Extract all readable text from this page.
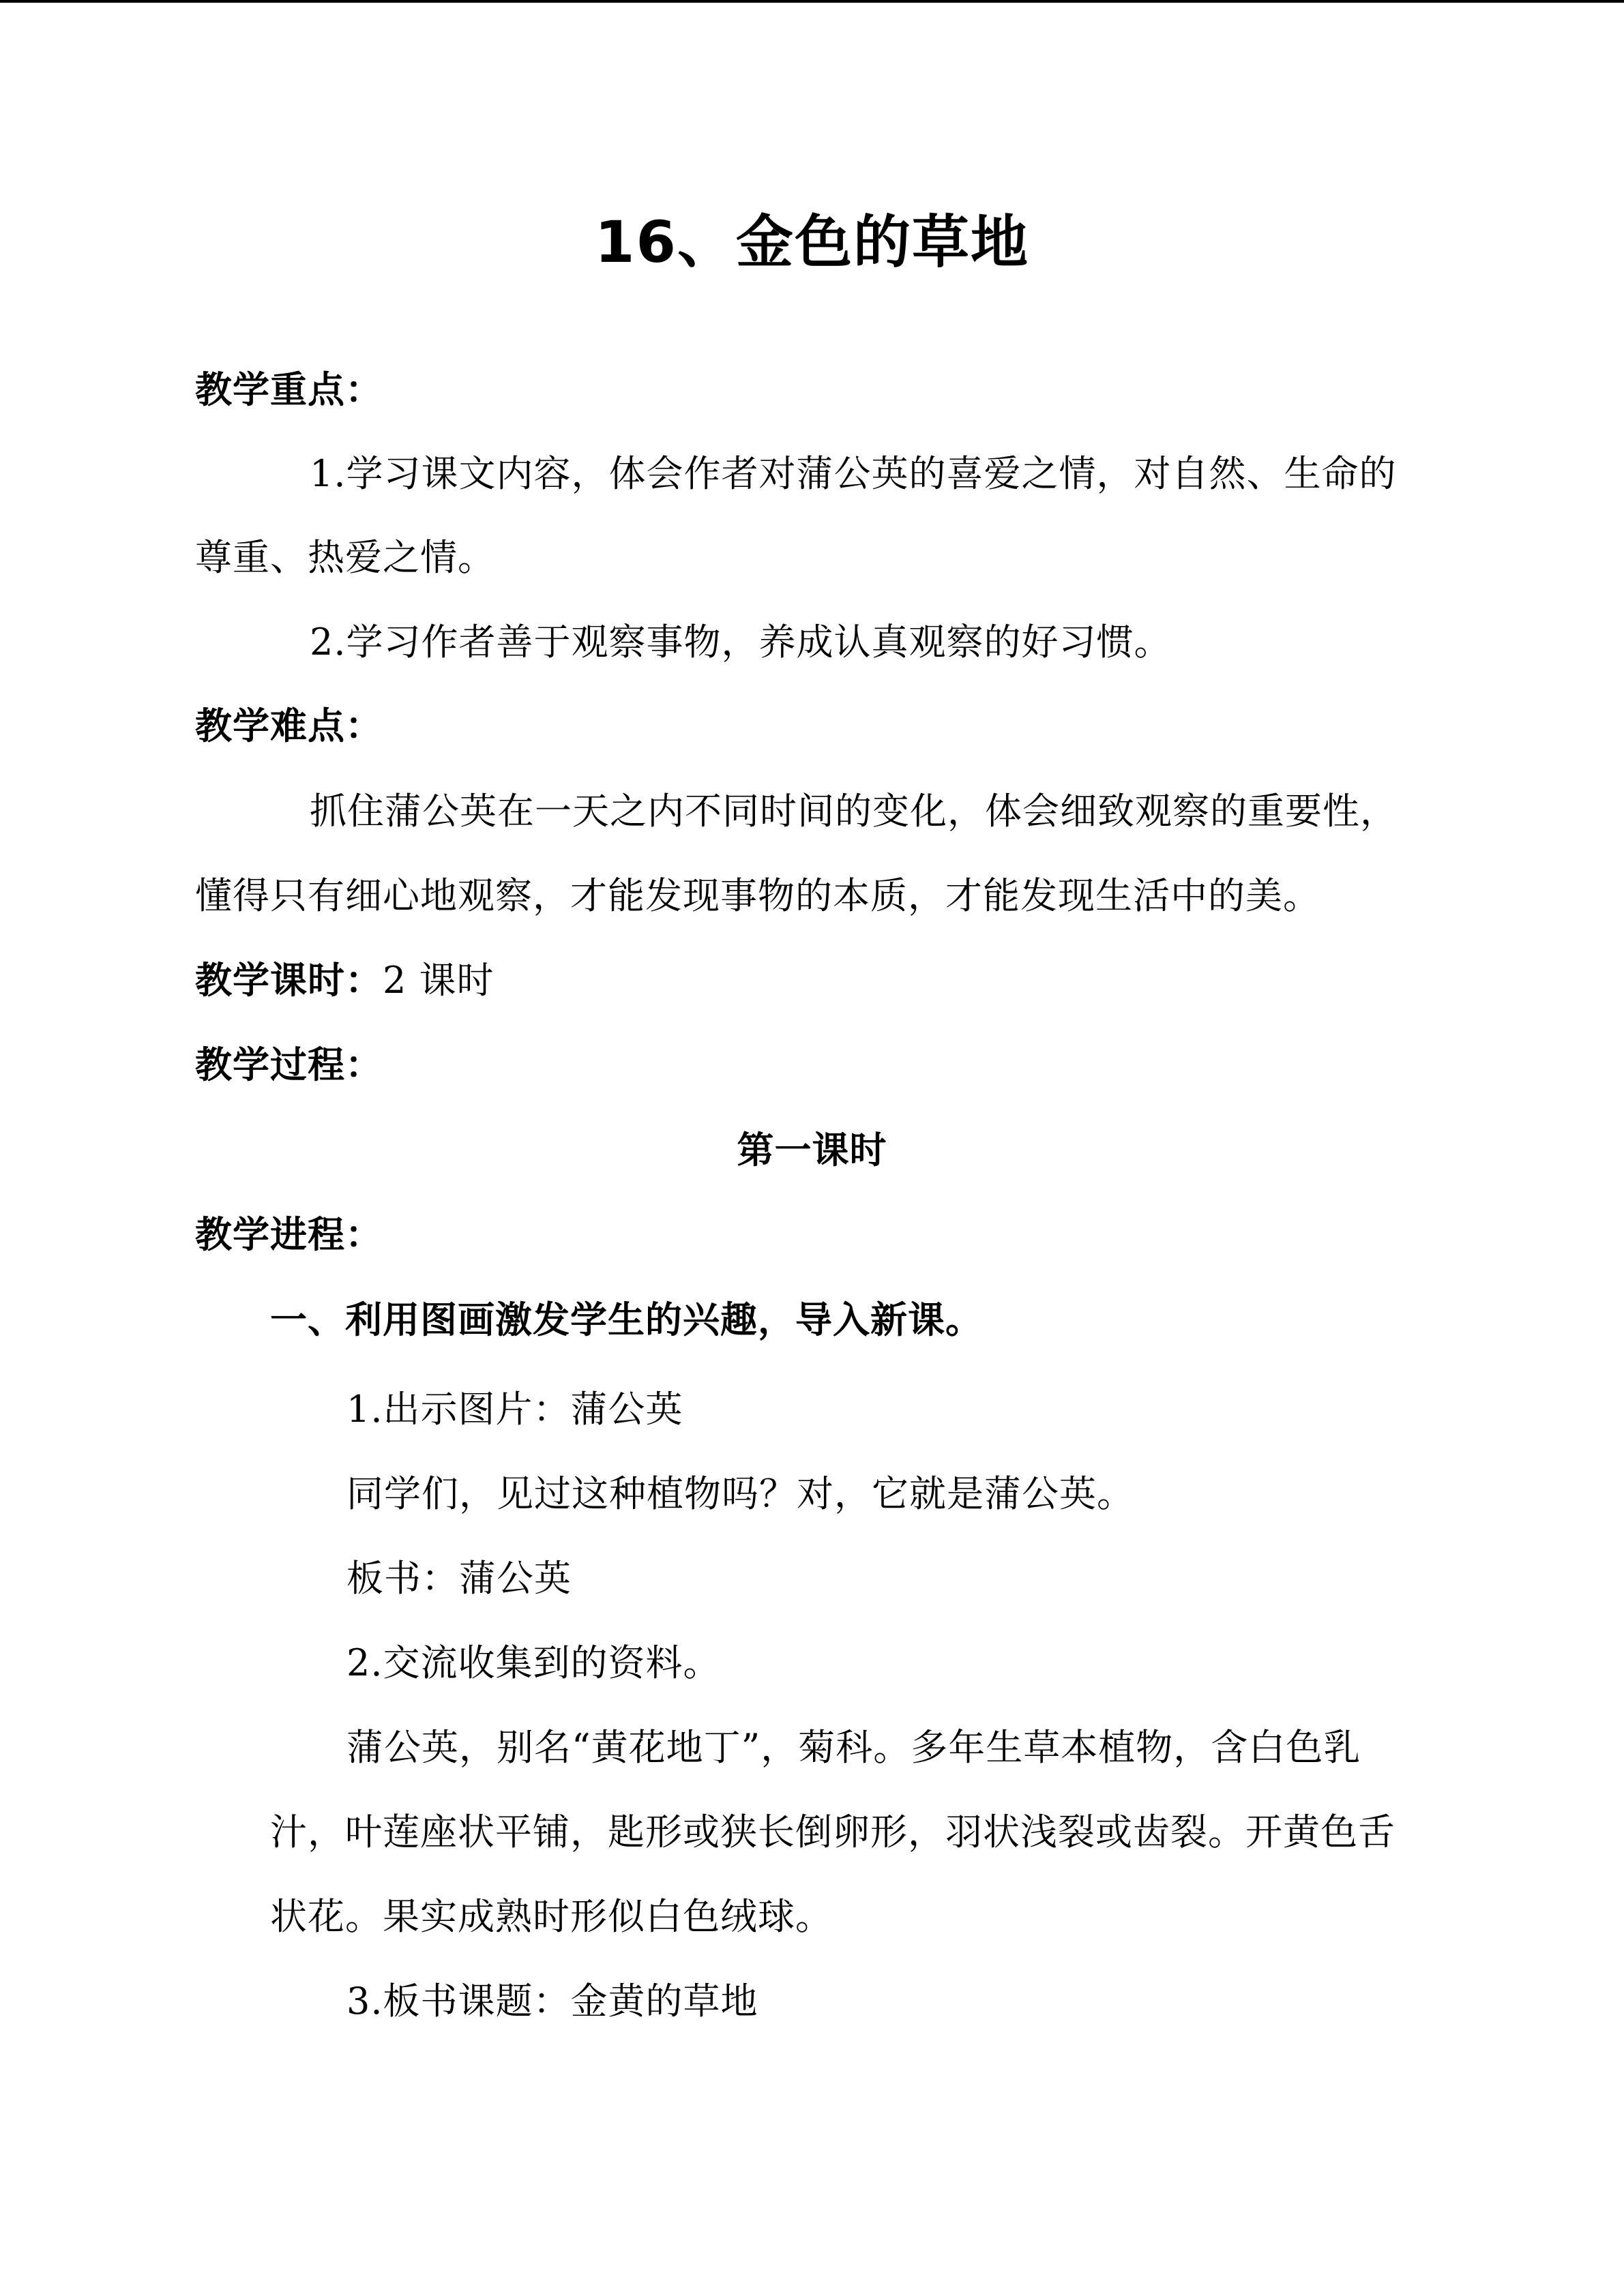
16、金色的草地
教学重点：
1.学习课文内容，体会作者对蒲公英的喜爱之情，对自然、生命的
尊重、热爱之情。
2.学习作者善于观察事物，养成认真观察的好习惯。
教学难点：
抓住蒲公英在一天之内不同时间的变化，体会细致观察的重要性，
懂得只有细心地观察，才能发现事物的本质，才能发现生活中的美。
教学课时：2 课时
教学过程：
第一课时
教学进程：
一、利用图画激发学生的兴趣，导入新课。
1.出示图片：蒲公英
同学们，见过这种植物吗？对，它就是蒲公英。
板书：蒲公英
2.交流收集到的资料。
蒲公英，别名“黄花地丁”，菊科。多年生草本植物，含白色乳
汁，叶莲座状平铺，匙形或狭长倒卵形，羽状浅裂或齿裂。开黄色舌
状花。果实成熟时形似白色绒球。
3.板书课题：金黄的草地
